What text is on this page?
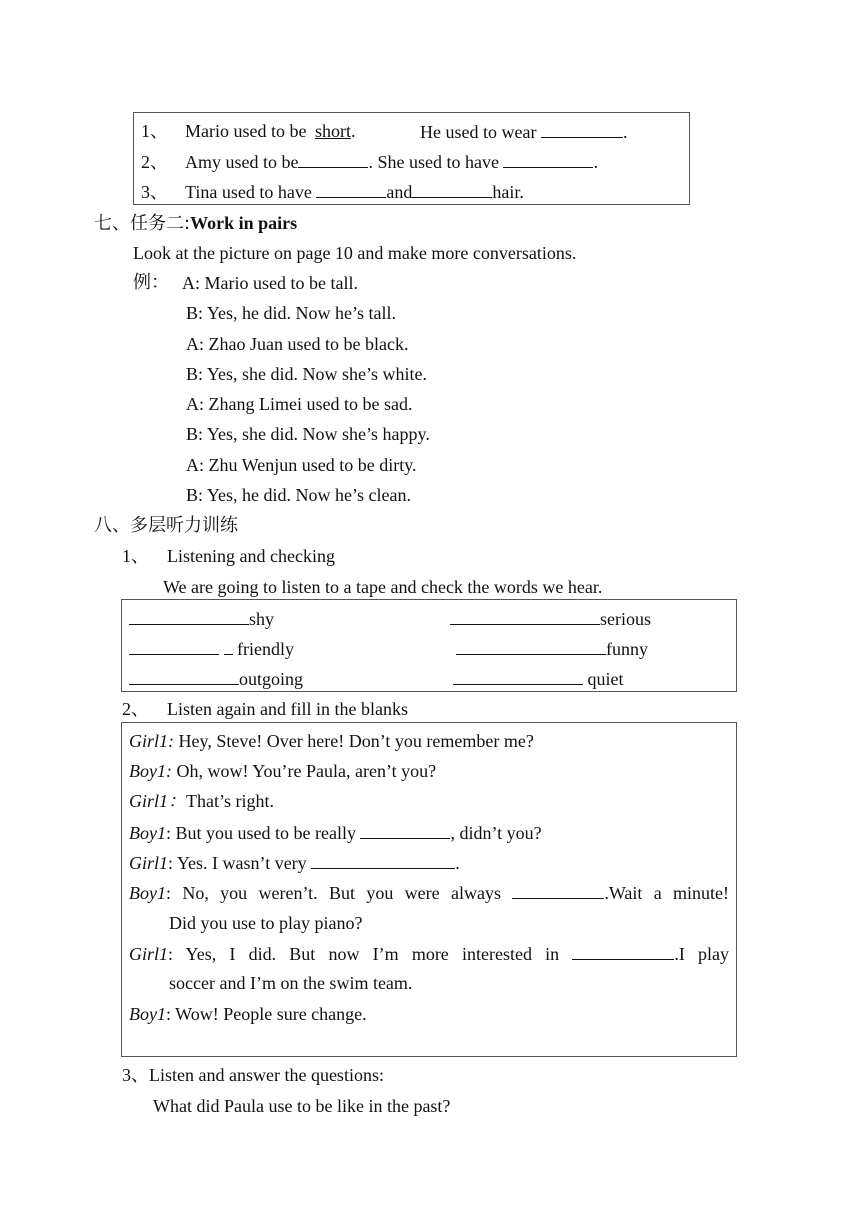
1、 Mario used to be short.	He used to wear	.
2、 Amy used to be	. She used to have	.
3、 Tina used to have	and	hair.
七、任务二:Work in pairs
Look at the picture on page 10 and make more conversations.
例： A: Mario used to be tall.
B: Yes, he did. Now he’s tall.
A: Zhao Juan used to be black.
B: Yes, she did. Now she’s white.
A: Zhang Limei used to be sad.
B: Yes, she did. Now she’s happy.
A: Zhu Wenjun used to be dirty.
B: Yes, he did. Now he’s clean.
八、多层听力训练
1、 Listening and checking
We are going to listen to a tape and check the words we hear.
shy	serious
friendly	funny
outgoing	quiet
2、 Listen again and fill in the blanks
Girl1: Hey, Steve! Over here! Don’t you remember me?
Boy1: Oh, wow! You’re Paula, aren’t you?
Girl1：That’s right.
Boy1: But you used to be really	, didn’t you?
Girl1: Yes. I wasn’t very	.
Boy1: No, you weren’t. But you were always	.Wait a minute!
Did you use to play piano?
Girl1: Yes, I did. But now I’m more interested in	.I play
soccer and I’m on the swim team.
Boy1: Wow! People sure change.
3、Listen and answer the questions:
What did Paula use to be like in the past?
